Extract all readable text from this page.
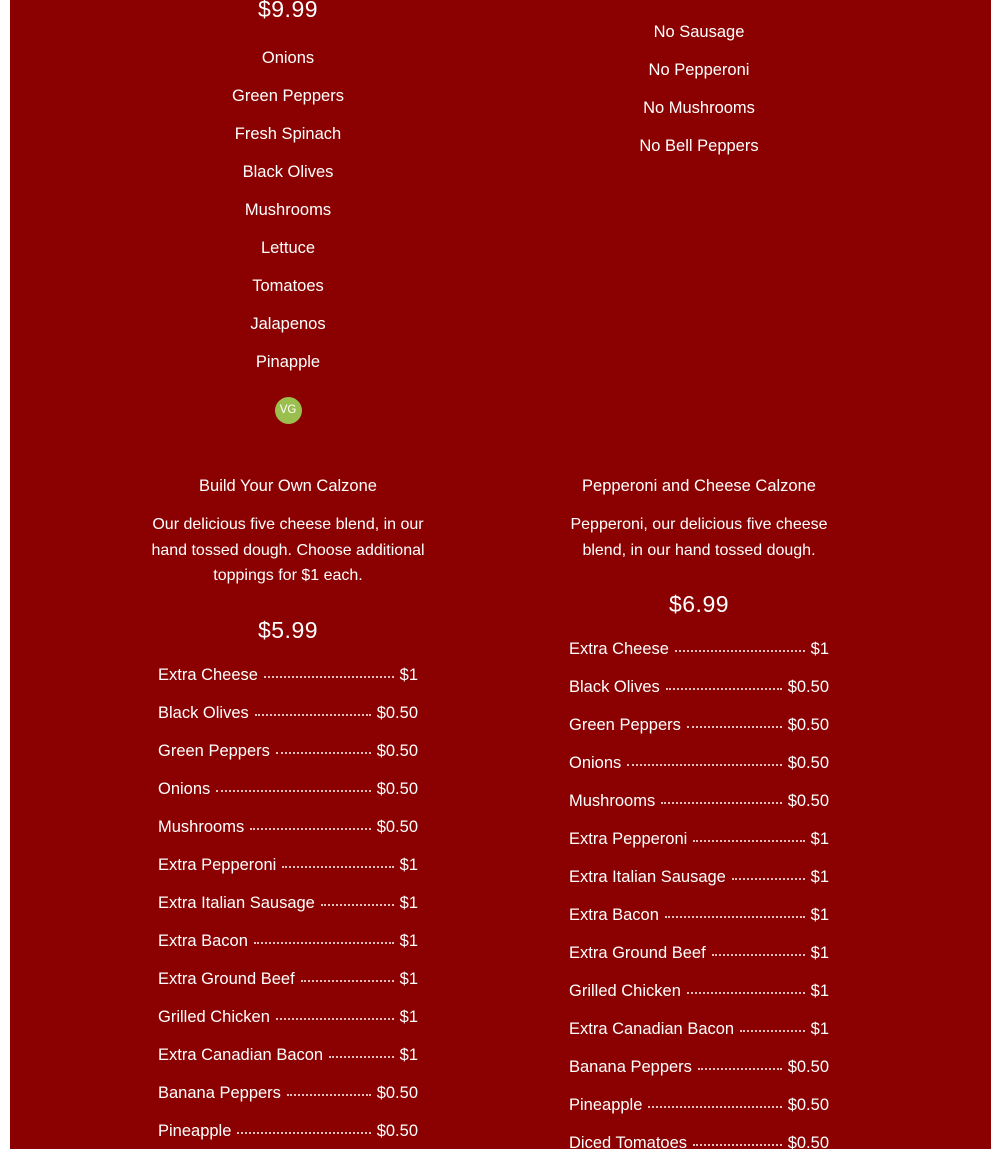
$9.99
Onions
Green Peppers
Fresh Spinach
Black Olives
Mushrooms
Lettuce
Tomatoes
Jalapenos
Pinapple
VG
No Sausage
No Pepperoni
No Mushrooms
No Bell Peppers
Build Your Own Calzone
Our delicious five cheese blend, in our hand tossed dough. Choose additional toppings for $1 each.
$5.99
Extra Cheese	$1
Black Olives	$0.50
Green Peppers	$0.50
Onions	$0.50
Mushrooms	$0.50
Extra Pepperoni	$1
Extra Italian Sausage	$1
Extra Bacon	$1
Extra Ground Beef	$1
Grilled Chicken	$1
Extra Canadian Bacon	$1
Banana Peppers	$0.50
Pineapple	$0.50
Pepperoni and Cheese Calzone
Pepperoni, our delicious five cheese blend, in our hand tossed dough.
$6.99
Extra Cheese	$1
Black Olives	$0.50
Green Peppers	$0.50
Onions	$0.50
Mushrooms	$0.50
Extra Pepperoni	$1
Extra Italian Sausage	$1
Extra Bacon	$1
Extra Ground Beef	$1
Grilled Chicken	$1
Extra Canadian Bacon	$1
Banana Peppers	$0.50
Pineapple	$0.50
Diced Tomatoes	$0.50
